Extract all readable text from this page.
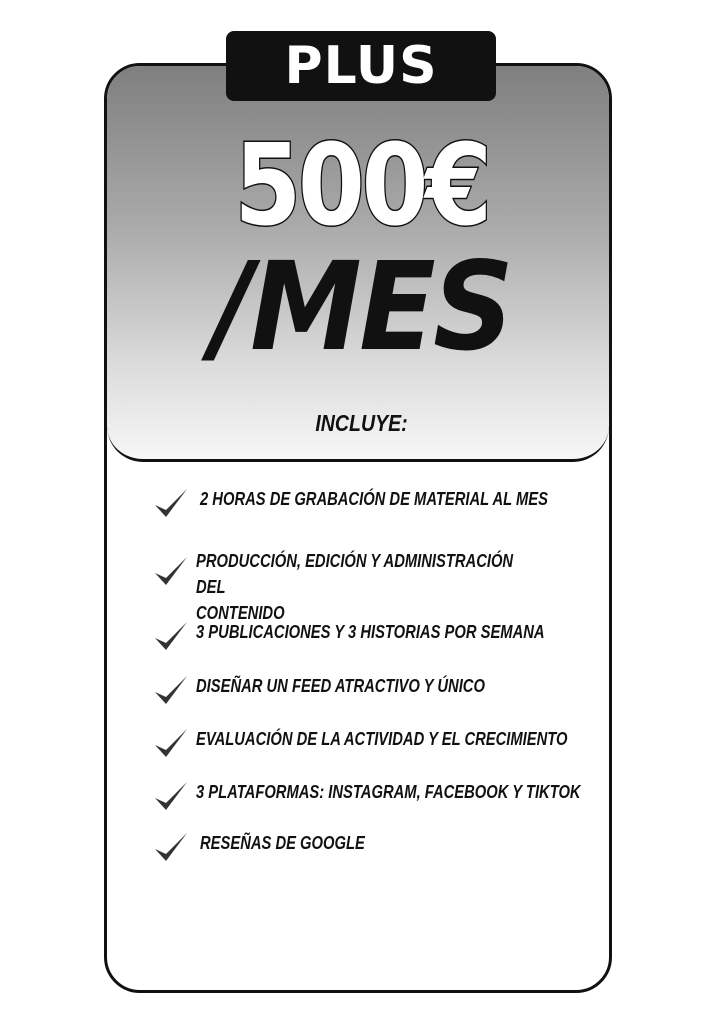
PLUS
500€
/MES
INCLUYE:
2 HORAS DE GRABACIÓN DE MATERIAL AL MES
PRODUCCIÓN, EDICIÓN Y ADMINISTRACIÓN DEL
CONTENIDO
3 PUBLICACIONES Y 3 HISTORIAS POR SEMANA
DISEÑAR UN FEED ATRACTIVO Y ÚNICO
EVALUACIÓN DE LA ACTIVIDAD Y EL CRECIMIENTO
3 PLATAFORMAS: INSTAGRAM, FACEBOOK Y TIKTOK
RESEÑAS DE GOOGLE
